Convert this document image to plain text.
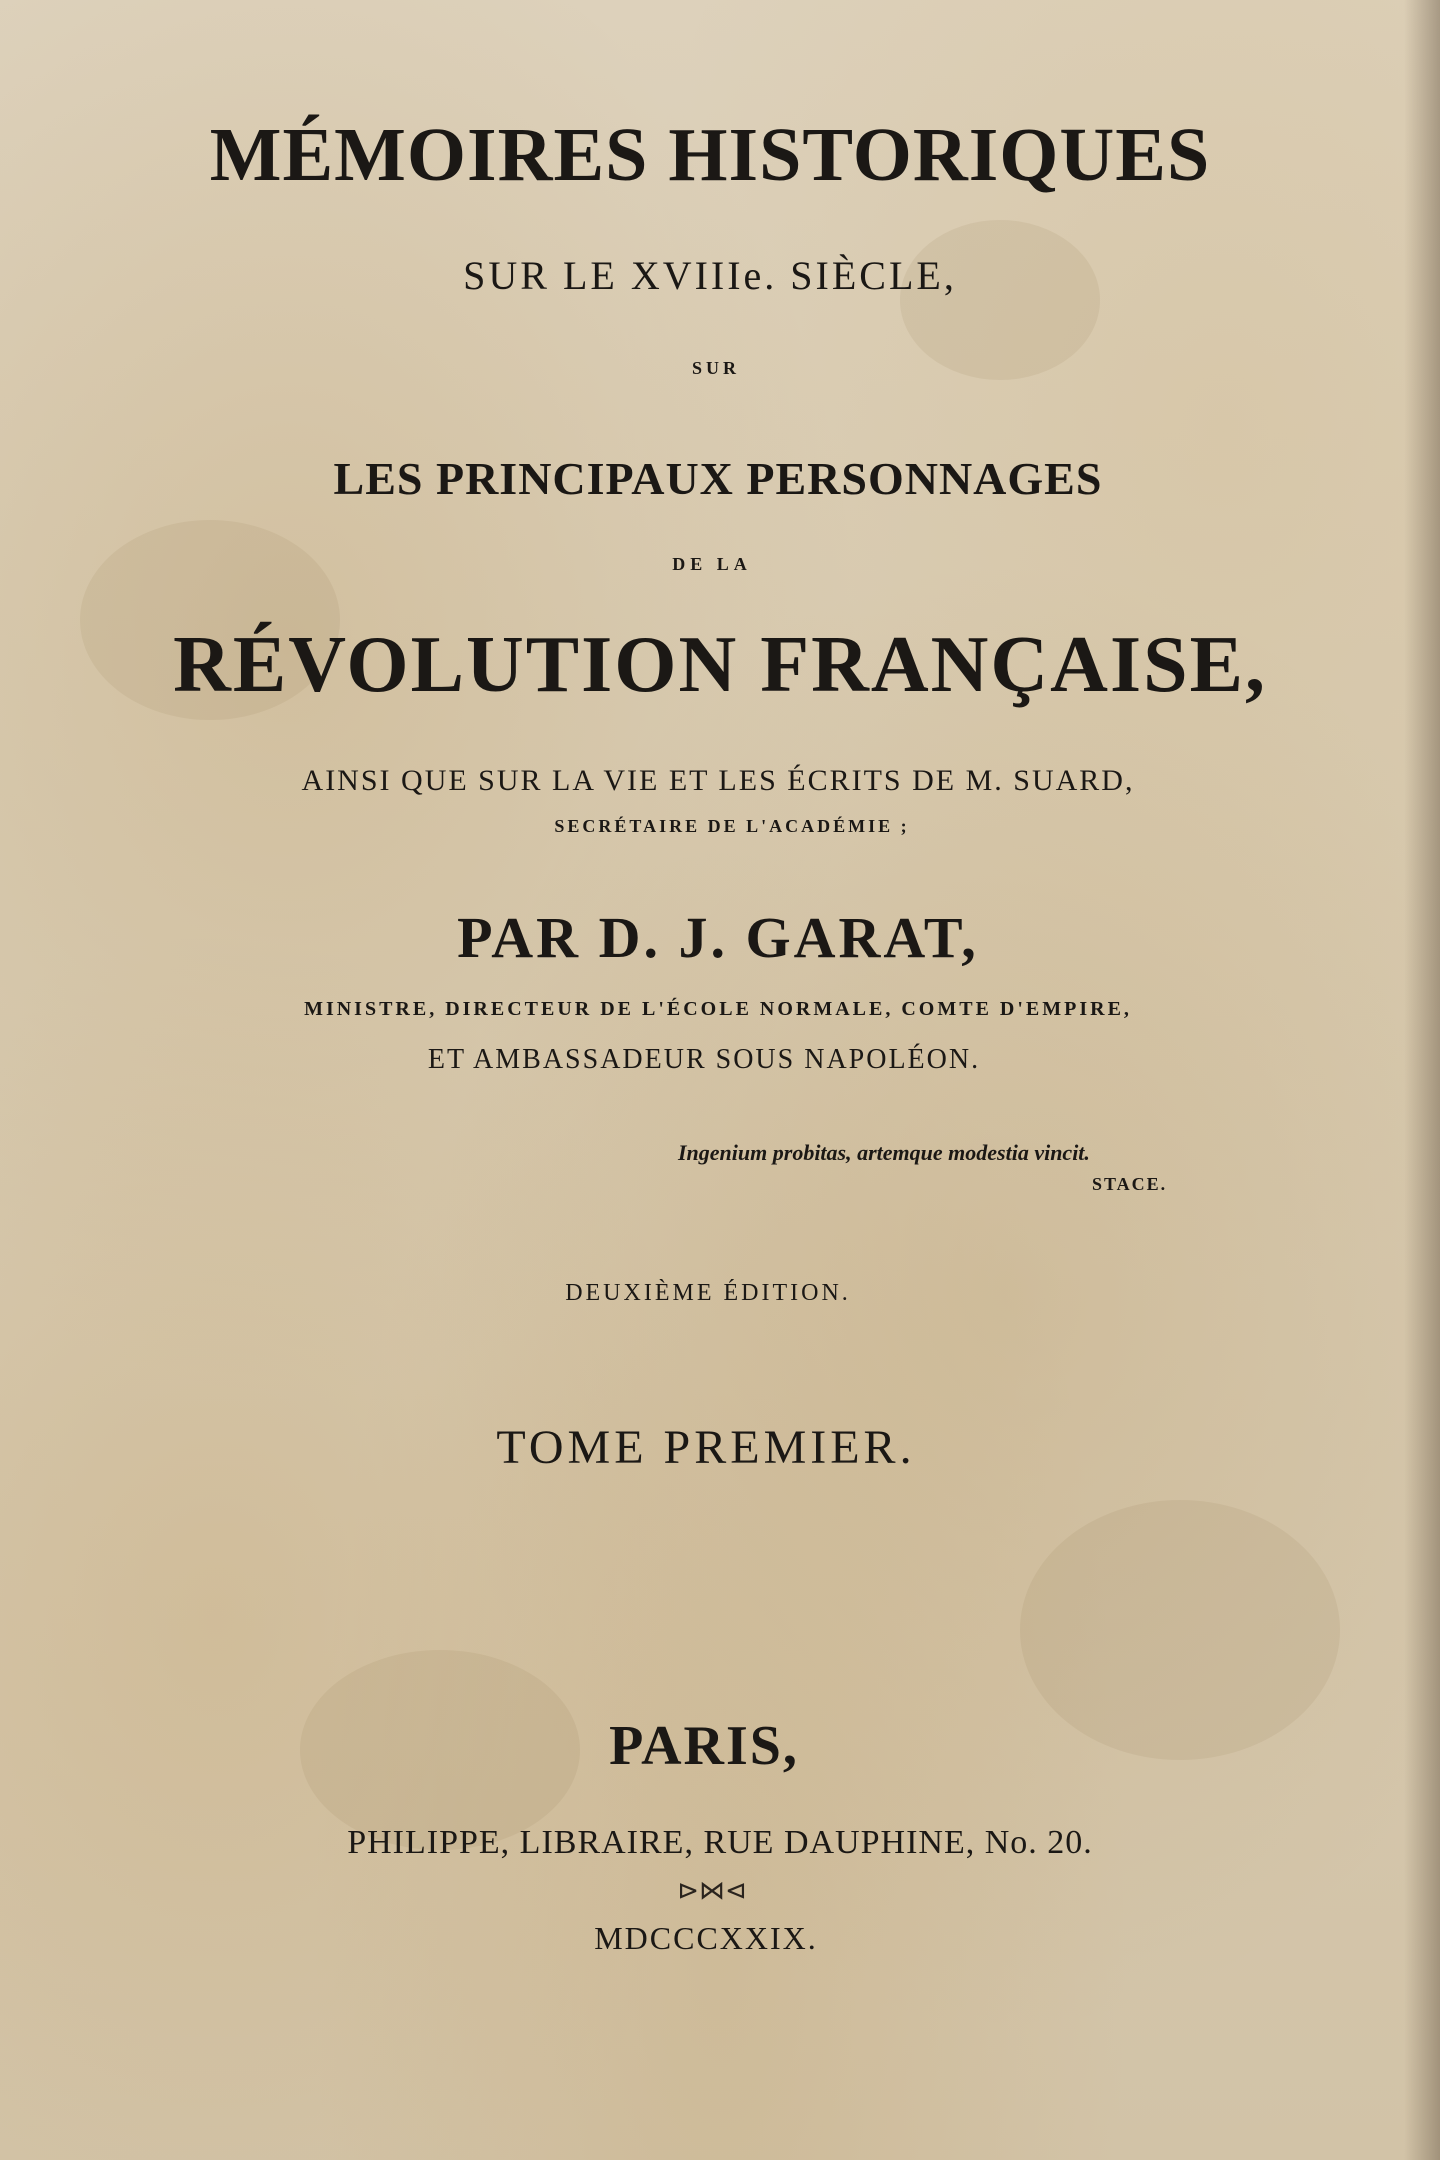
MÉMOIRES HISTORIQUES
SUR LE XVIIIe. SIÈCLE,
SUR
LES PRINCIPAUX PERSONNAGES
DE LA
RÉVOLUTION FRANÇAISE,
AINSI QUE SUR LA VIE ET LES ÉCRITS DE M. SUARD,
SECRÉTAIRE DE L'ACADÉMIE ;
PAR D. J. GARAT,
MINISTRE, DIRECTEUR DE L'ÉCOLE NORMALE, COMTE D'EMPIRE,
ET AMBASSADEUR SOUS NAPOLÉON.
Ingenium probitas, artemque modestia vincit.
STACE.
DEUXIÈME ÉDITION.
TOME PREMIER.
PARIS,
PHILIPPE, LIBRAIRE, RUE DAUPHINE, No. 20.
⊳⋈⊲
MDCCCXXIX.
